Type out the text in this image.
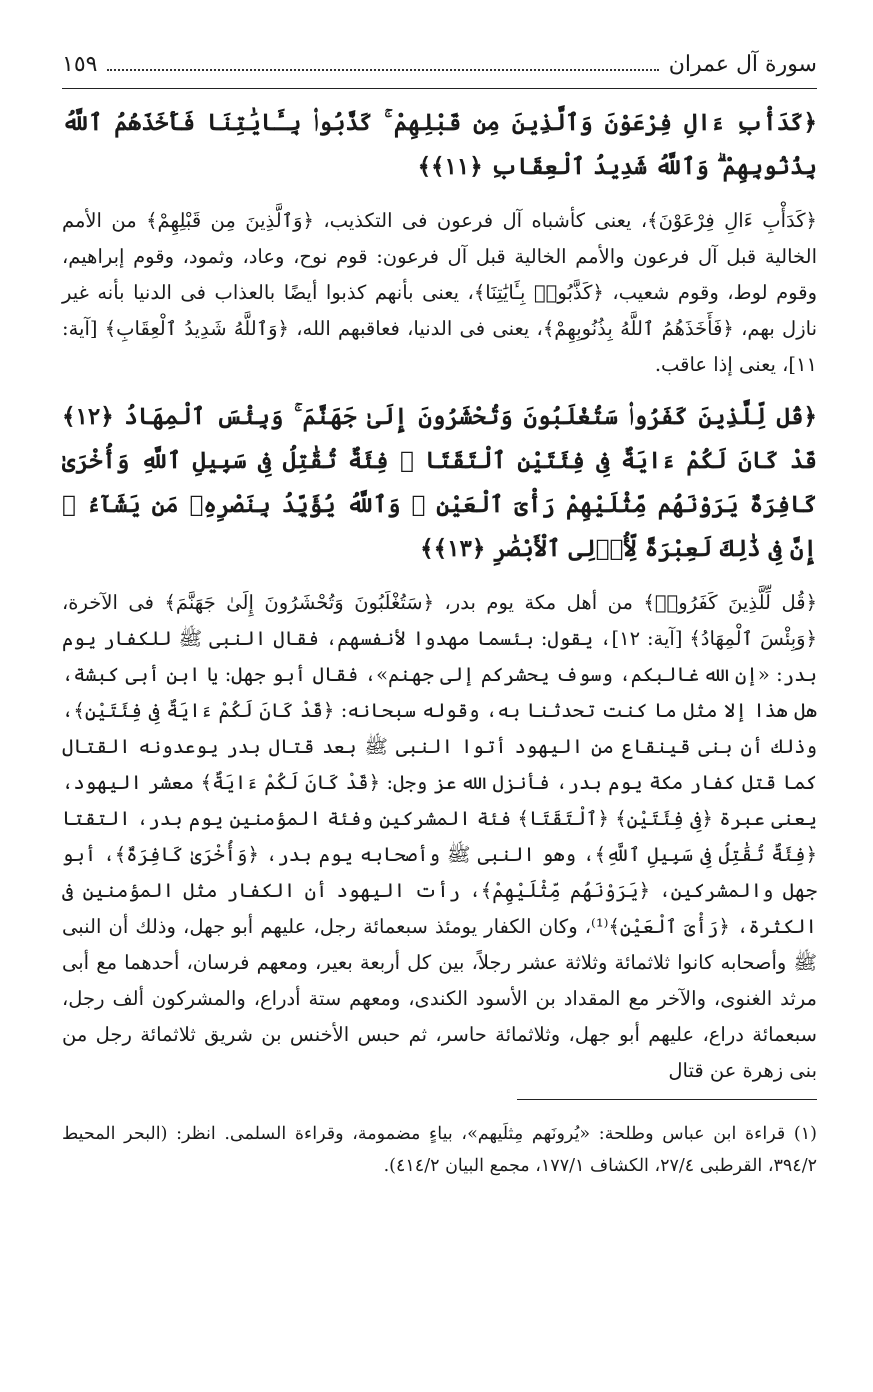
سورة آل عمران
١٥٩

﴿كَدَأْبِ ءَالِ فِرْعَوْنَ وَٱلَّذِينَ مِن قَبْلِهِمْ ۚ كَذَّبُوا۟ بِـَٔايَٰتِنَا فَأَخَذَهُمُ ٱللَّهُ بِذُنُوبِهِمْ ۗ وَٱللَّهُ شَدِيدُ ٱلْعِقَابِ ﴿١١﴾﴾

﴿كَدَأْبِ ءَالِ فِرْعَوْنَ﴾، يعنى كأشباه آل فرعون فى التكذيب، ﴿وَٱلَّذِينَ مِن قَبْلِهِمْ﴾ من الأمم الخالية قبل آل فرعون والأمم الخالية قبل آل فرعون: قوم نوح، وعاد، وثمود، وقوم إبراهيم، وقوم لوط، وقوم شعيب، ﴿كَذَّبُوا۟ بِـَٔايَٰتِنَا﴾، يعنى بأنهم كذبوا أيضًا بالعذاب فى الدنيا بأنه غير نازل بهم، ﴿فَأَخَذَهُمُ ٱللَّهُ بِذُنُوبِهِمْ﴾، يعنى فى الدنيا، فعاقبهم الله، ﴿وَٱللَّهُ شَدِيدُ ٱلْعِقَابِ﴾ [آية: ١١]، يعنى إذا عاقب.

﴿قُل لِّلَّذِينَ كَفَرُوا۟ سَتُغْلَبُونَ وَتُحْشَرُونَ إِلَىٰ جَهَنَّمَ ۚ وَبِئْسَ ٱلْمِهَادُ ﴿١٢﴾ قَدْ كَانَ لَكُمْ ءَايَةٌ فِى فِئَتَيْنِ ٱلْتَقَتَا ۖ فِئَةٌ تُقَٰتِلُ فِى سَبِيلِ ٱللَّهِ وَأُخْرَىٰ كَافِرَةٌ يَرَوْنَهُم مِّثْلَيْهِمْ رَأْىَ ٱلْعَيْنِ ۚ وَٱللَّهُ يُؤَيِّدُ بِنَصْرِهِۦ مَن يَشَآءُ ۗ إِنَّ فِى ذَٰلِكَ لَعِبْرَةً لِّأُو۟لِى ٱلْأَبْصَٰرِ ﴿١٣﴾﴾

﴿قُل لِّلَّذِينَ كَفَرُوا۟﴾ من أهل مكة يوم بدر، ﴿سَتُغْلَبُونَ وَتُحْشَرُونَ إِلَىٰ جَهَنَّمَ﴾ فى الآخرة، ﴿وَبِئْسَ ٱلْمِهَادُ﴾ [آية: ١٢]، يقول: بئسما مهدوا لأنفسهم، فقال النبى ﷺ للكفار يوم بدر: «إن الله غالبكم، وسوف يحشركم إلى جهنم»، فقال أبو جهل: يا ابن أبى كبشة، هل هذا إلا مثل ما كنت تحدثنا به، وقوله سبحانه: ﴿قَدْ كَانَ لَكُمْ ءَايَةٌ فِى فِئَتَيْنِ﴾، وذلك أن بنى قينقاع من اليهود أتوا النبى ﷺ بعد قتال بدر يوعدونه القتال كما قتل كفار مكة يوم بدر، فأنزل الله عز وجل: ﴿قَدْ كَانَ لَكُمْ ءَايَةٌ﴾ معشر اليهود، يعنى عبرة ﴿فِى فِئَتَيْنِ﴾ ﴿ٱلْتَقَتَا﴾ فئة المشركين وفئة المؤمنين يوم بدر، التقتا ﴿فِئَةٌ تُقَٰتِلُ فِى سَبِيلِ ٱللَّهِ﴾، وهو النبى ﷺ وأصحابه يوم بدر، ﴿وَأُخْرَىٰ كَافِرَةٌ﴾، أبو جهل والمشركين، ﴿يَرَوْنَهُم مِّثْلَيْهِمْ﴾، رأت اليهود أن الكفار مثل المؤمنين فى الكثرة، ﴿رَأْىَ ٱلْعَيْنِ﴾⁽¹⁾، وكان الكفار يومئذ سبعمائة رجل، عليهم أبو جهل، وذلك أن النبى ﷺ وأصحابه كانوا ثلاثمائة وثلاثة عشر رجلاً، بين كل أربعة بعير، ومعهم فرسان، أحدهما مع أبى مرثد الغنوى، والآخر مع المقداد بن الأسود الكندى، ومعهم ستة أدراع، والمشركون ألف رجل، سبعمائة دراع، عليهم أبو جهل، وثلاثمائة حاسر، ثم حبس الأخنس بن شريق ثلاثمائة رجل من بنى زهرة عن قتال

(١) قراءة ابن عباس وطلحة: «يُرونَهم مِثلَيهم»، بياءٍ مضمومة، وقراءة السلمى. انظر: (البحر المحيط ٣٩٤/٢، القرطبى ٢٧/٤، الكشاف ١٧٧/١، مجمع البيان ٤١٤/٢).
